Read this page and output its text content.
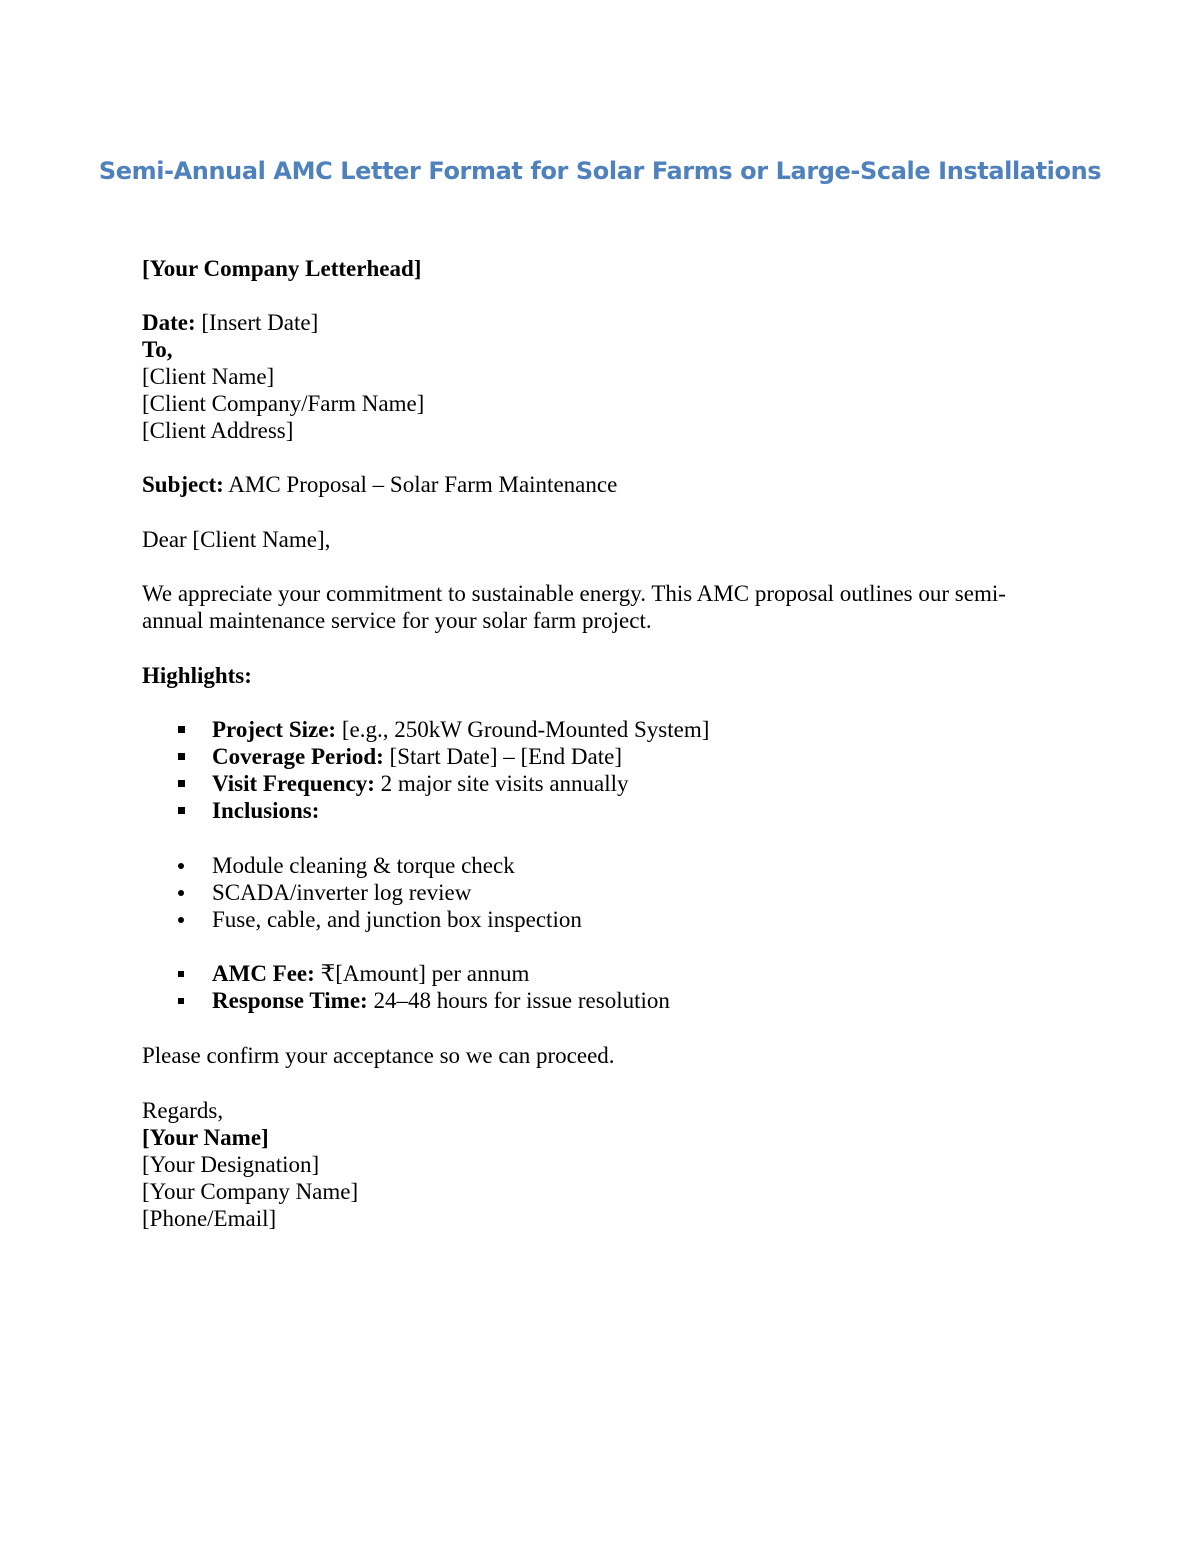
Semi-Annual AMC Letter Format for Solar Farms or Large-Scale Installations

[Your Company Letterhead]

Date: [Insert Date]

To,

[Client Name]

[Client Company/Farm Name]

[Client Address]

Subject: AMC Proposal – Solar Farm Maintenance

Dear [Client Name],

We appreciate your commitment to sustainable energy. This AMC proposal outlines our semi-

annual maintenance service for your solar farm project.

Highlights:

Project Size: [e.g., 250kW Ground-Mounted System]
Coverage Period: [Start Date] – [End Date]
Visit Frequency: 2 major site visits annually
Inclusions:
Module cleaning & torque check
SCADA/inverter log review
Fuse, cable, and junction box inspection
AMC Fee: ₹[Amount] per annum
Response Time: 24–48 hours for issue resolution

Please confirm your acceptance so we can proceed.

Regards,

[Your Name]

[Your Designation]

[Your Company Name]

[Phone/Email]
